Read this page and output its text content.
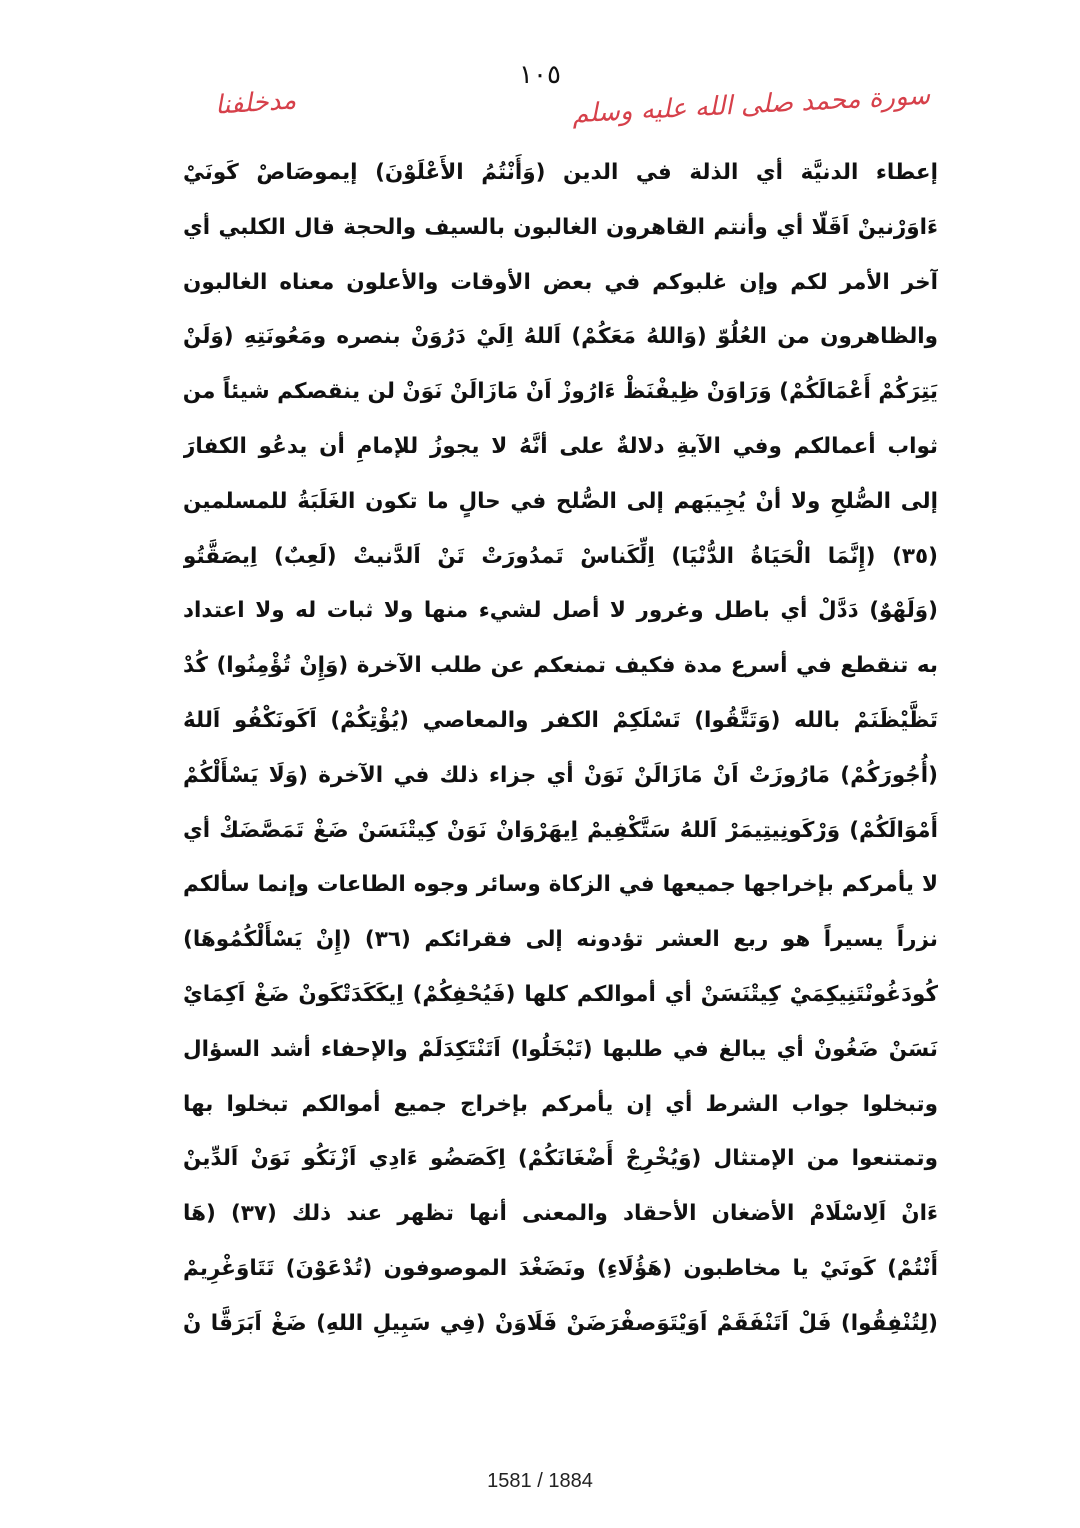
١٠٥
سورة محمد صلى الله عليه وسلم
مدخلفنا
إعطاء الدنيَّة أي الذلة في الدين (وَأَنْتُمُ الأَعْلَوْنَ) إيموصَاصْ كَونَيْ
ءَاوَرْنينْ اَقَلّا أي وأنتم القاهرون الغالبون بالسيف والحجة قال الكلبي أي
آخر الأمر لكم وإن غلبوكم في بعض الأوقات والأعلون معناه الغالبون
والظاهرون من العُلُوّ (وَاللهُ مَعَكُمْ) اَللهُ اِلَيْ دَرُوَنْ بنصره ومَعُونَتِهِ (وَلَنْ
يَتِرَكُمْ أَعْمَالَكُمْ) وَرَاوَنْ ظِيفْنَظْ ءَارُوزْ اَنْ مَازَالَنْ نَوَنْ لن ينقصكم شيئاً من
ثواب أعمالكم وفي الآيةِ دلالةٌ على أنَّهُ لا يجوزُ للإمامِ أن يدعُو الكفارَ
إلى الصُّلحِ ولا أنْ يُجِيبَهم إلى الصُّلح في حالٍ ما تكون الغَلَبَةُ للمسلمين
(٣٥) (إِنَّمَا الْحَيَاةُ الدُّنْيَا) اِلِّكَناسْ تَمدُورَتْ تَنْ اَلدَّنيتْ (لَعِبٌ) اِيصَقَّتُو
(وَلَهْوٌ) دَدَّلْ أي باطل وغرور لا أصل لشيء منها ولا ثبات له ولا اعتداد
به تنقطع في أسرع مدة فكيف تمنعكم عن طلب الآخرة (وَإِنْ تُؤْمِنُوا) كُدْ
تَظَّيْظَنَمْ بالله (وَتَتَّقُوا) تَسْلَكِمْ الكفر والمعاصي (يُؤْتِكُمْ) اَكَونَكْفُو اَللهُ
(أُجُورَكُمْ) مَارُوزَتْ اَنْ مَازَالَنْ نَوَنْ أي جزاء ذلك في الآخرة (وَلَا يَسْأَلْكُمْ
أَمْوَالَكُمْ) وَرْكَونِيتِيمَرْ اَللهُ سَتَّكْفِيمْ اِيهَرْوَانْ نَوَنْ كِيتْنَسَنْ ضَغْ تَمَصَّضَكْ أي
لا يأمركم بإخراجها جميعها في الزكاة وسائر وجوه الطاعات وإنما سألكم
نزراً يسيراً هو ربع العشر تؤدونه إلى فقرائكم (٣٦) (إِنْ يَسْأَلْكُمُوهَا)
كُودَغُونْتَنِيكِمَيْ كِيتْنَسَنْ أي أموالكم كلها (فَيُحْفِكُمْ) اِيكَكَدَتْكَونْ ضَغْ اَكِمَايْ
نَسَنْ ضَغُونْ أي يبالغ في طلبها (تَبْخَلُوا) اَتَنْتَكِدَلَمْ والإحفاء أشد السؤال
وتبخلوا جواب الشرط أي إن يأمركم بإخراج جميع أموالكم تبخلوا بها
وتمتنعوا من الإمتثال (وَيُخْرِجْ أَضْغَانَكُمْ) اِكَصَضُو ءَادِي اَزْنَكُو نَوَنْ اَلدِّينْ
ءَانْ اَلِاسْلَامْ الأضغان الأحقاد والمعنى أنها تظهر عند ذلك (٣٧) (هَا
أَنْتُمْ) كَونَيْ يا مخاطبون (هَؤُلَاءِ) ونَضَغْدَ الموصوفون (تُدْعَوْنَ) تَتَاوَغْرِيمْ
(لِتُنْفِقُوا) فَلْ اَتَنْفَقَمْ اَوَيْتَوَصفْرَضَنْ فَلَاوَنْ (فِي سَبِيلِ اللهِ) ضَغْ اَبَرَقَّا نْ
1581 / 1884
